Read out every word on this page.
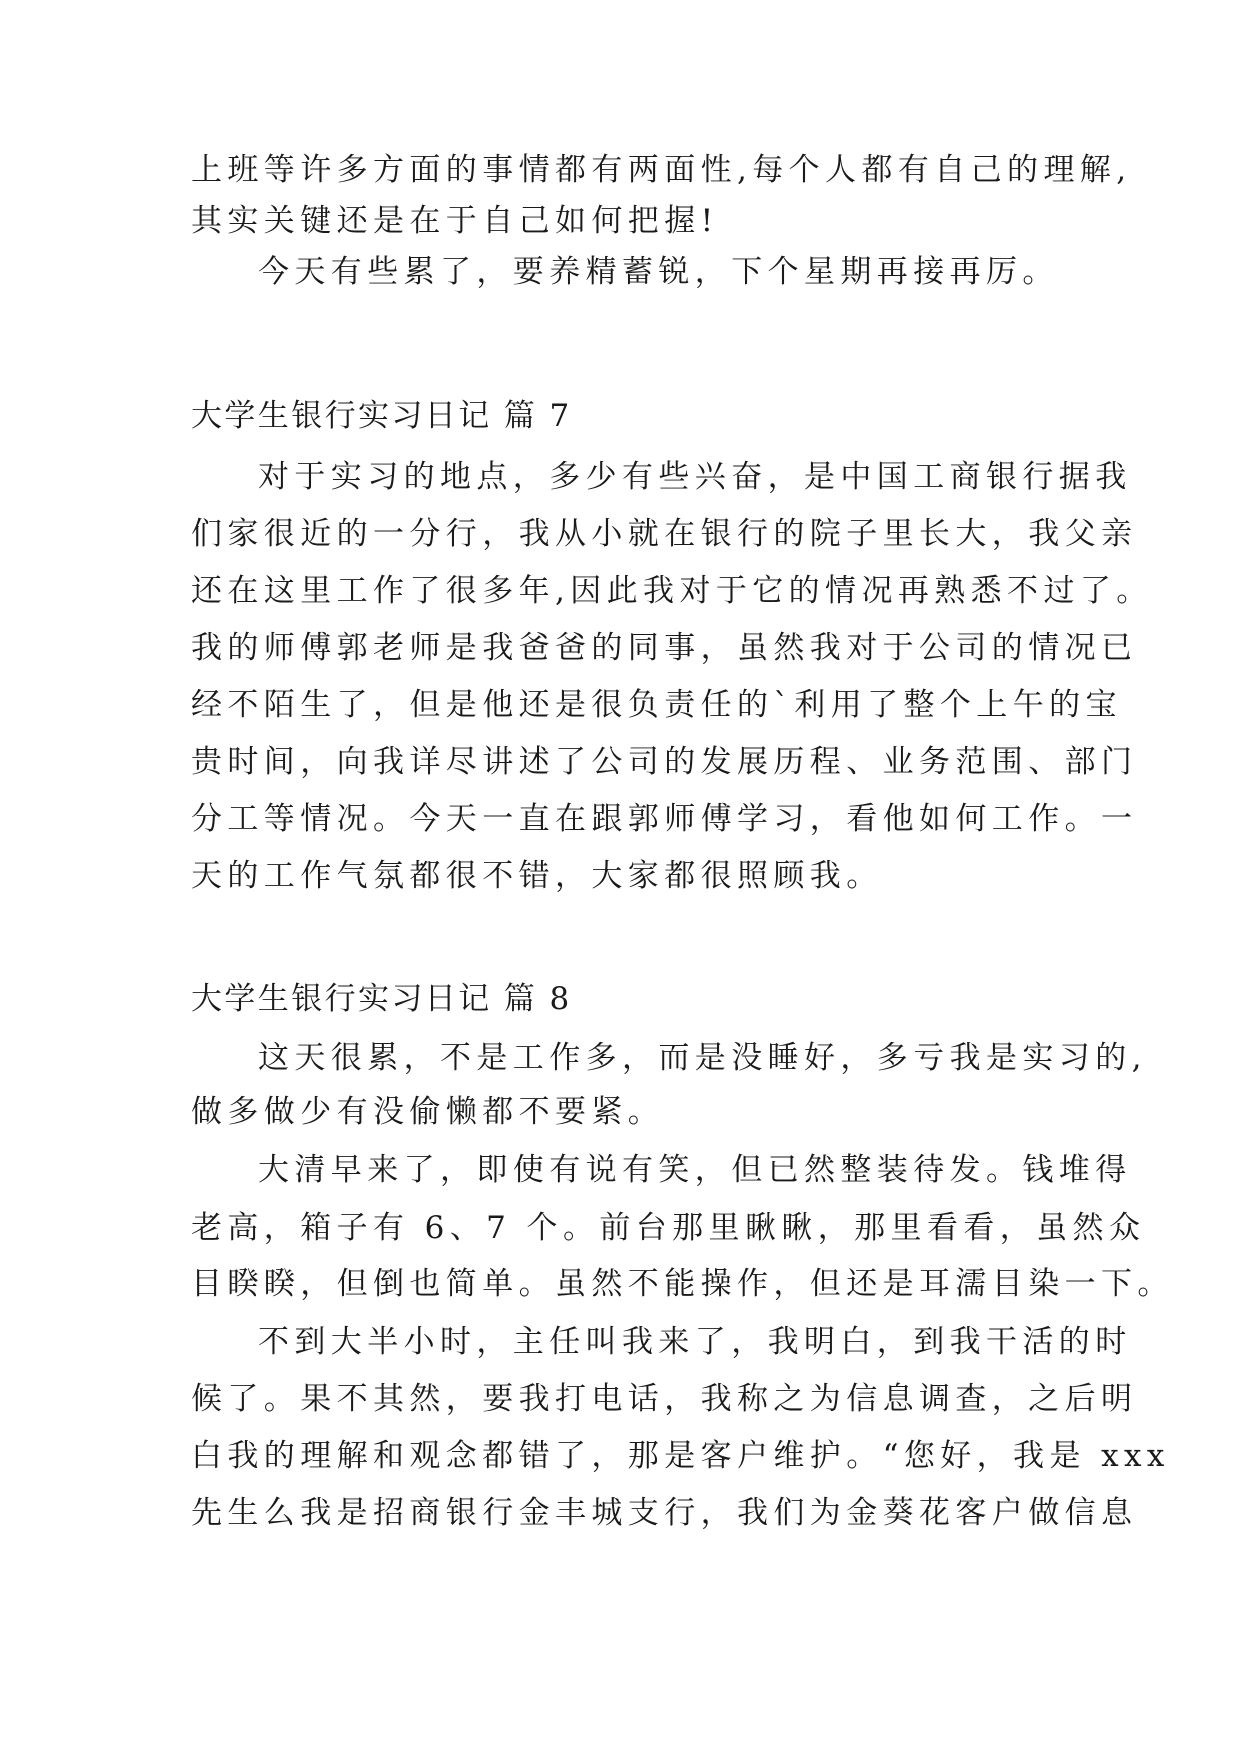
上班等许多方面的事情都有两面性,每个人都有自己的理解,

其实关键还是在于自己如何把握!

今天有些累了，要养精蓄锐，下个星期再接再厉。

大学生银行实习日记 篇 7

对于实习的地点，多少有些兴奋，是中国工商银行据我

们家很近的一分行，我从小就在银行的院子里长大，我父亲

还在这里工作了很多年,因此我对于它的情况再熟悉不过了。

我的师傅郭老师是我爸爸的同事，虽然我对于公司的情况已

经不陌生了，但是他还是很负责任的`利用了整个上午的宝

贵时间，向我详尽讲述了公司的发展历程、业务范围、部门

分工等情况。今天一直在跟郭师傅学习，看他如何工作。一

天的工作气氛都很不错，大家都很照顾我。

大学生银行实习日记 篇 8

这天很累，不是工作多，而是没睡好，多亏我是实习的,

做多做少有没偷懒都不要紧。

大清早来了，即使有说有笑，但已然整装待发。钱堆得

老高，箱子有 6、7 个。前台那里瞅瞅，那里看看，虽然众

目睽睽，但倒也简单。虽然不能操作，但还是耳濡目染一下。

不到大半小时，主任叫我来了，我明白，到我干活的时

候了。果不其然，要我打电话，我称之为信息调查，之后明

白我的理解和观念都错了，那是客户维护。“您好，我是 xxx

先生么我是招商银行金丰城支行，我们为金葵花客户做信息
